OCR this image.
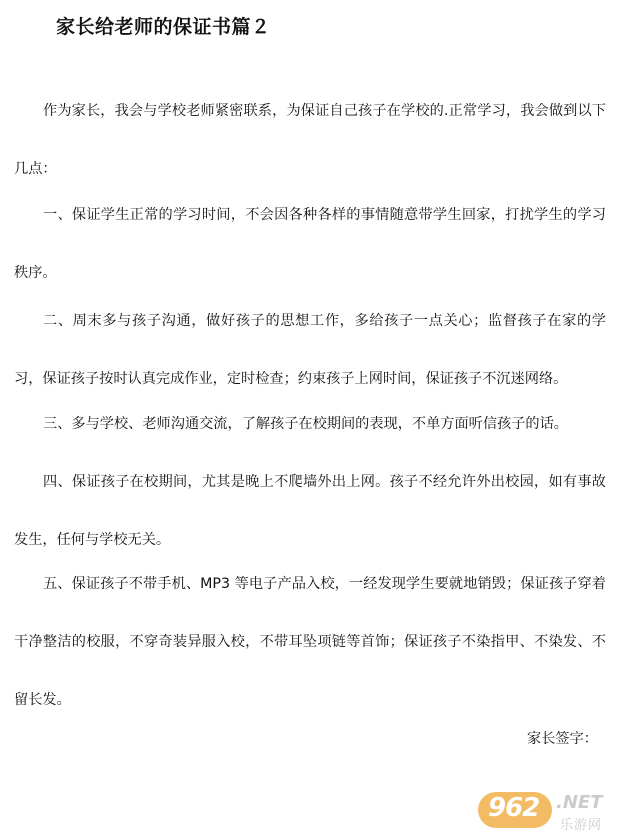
家长给老师的保证书篇２

作为家长，我会与学校老师紧密联系，为保证自己孩子在学校的.正常学习，我会做到以下几点：

一、保证学生正常的学习时间，不会因各种各样的事情随意带学生回家，打扰学生的学习秩序。

二、周末多与孩子沟通，做好孩子的思想工作，多给孩子一点关心；监督孩子在家的学习，保证孩子按时认真完成作业，定时检查；约束孩子上网时间，保证孩子不沉迷网络。

三、多与学校、老师沟通交流，了解孩子在校期间的表现，不单方面听信孩子的话。

四、保证孩子在校期间，尤其是晚上不爬墙外出上网。孩子不经允许外出校园，如有事故发生，任何与学校无关。

五、保证孩子不带手机、MP3 等电子产品入校，一经发现学生要就地销毁；保证孩子穿着干净整洁的校服，不穿奇装异服入校，不带耳坠项链等首饰；保证孩子不染指甲、不染发、不留长发。

家长签字：
962 .NET
乐游网
